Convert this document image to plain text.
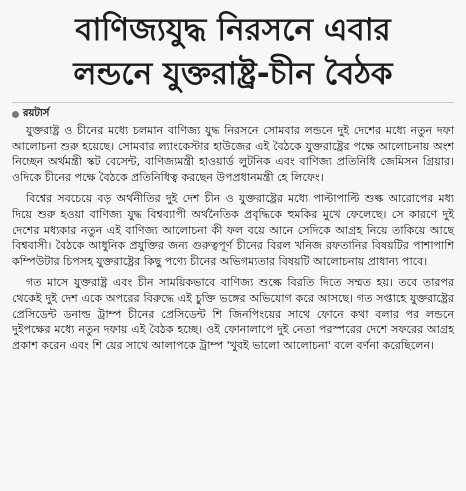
বাণিজ্যযুদ্ধ নিরসনে এবার
লন্ডনে যুক্তরাষ্ট্র-চীন বৈঠক
রয়টার্স

যুক্তরাষ্ট্র ও চীনের মধ্যে চলমান বাণিজ্য যুদ্ধ নিরসনে সোমবার লন্ডনে দুই দেশের মধ্যে নতুন দফা আলোচনা শুরু হয়েছে। সোমবার ল্যাংকেস্টার হাউজের এই বৈঠকে যুক্তরাষ্ট্রের পক্ষে আলোচনায় অংশ নিচ্ছেন অর্থমন্ত্রী স্কট বেসেন্ট, বাণিজ্যমন্ত্রী হাওয়ার্ড লুটনিক এবং বাণিজ্য প্রতিনিধি জেমিসন গ্রিয়ার। ওদিকে চীনের পক্ষে বৈঠকে প্রতিনিধিত্ব করছেন উপপ্রধানমন্ত্রী হে লিফেং।

বিশ্বের সবচেয়ে বড় অর্থনীতির দুই দেশ চীন ও যুক্তরাষ্ট্রের মধ্যে পাল্টাপাল্টি শুল্ক আরোপের মধ্য দিয়ে শুরু হওয়া বাণিজ্য যুদ্ধ বিশ্বব্যাপী অর্থনৈতিক প্রবৃদ্ধিকে হুমকির মুখে ফেলেছে। সে কারণে দুই দেশের মধ্যকার নতুন এই বাণিজ্য আলোচনা কী ফল বয়ে আনে সেদিকে আগ্রহ নিয়ে তাকিয়ে আছে বিশ্ববাসী। বৈঠকে আধুনিক প্রযুক্তির জন্য গুরুত্বপূর্ণ চীনের বিরল খনিজ রফতানির বিষয়টির পাশাপাশি কম্পিউটার চিপসহ যুক্তরাষ্ট্রের কিছু পণ্যে চীনের অভিগম্যতার বিষয়টি আলোচনায় প্রাধান্য পাবে।

গত মাসে যুক্তরাষ্ট্র এবং চীন সাময়িকভাবে বাণিজ্য শুল্কে বিরতি দিতে সম্মত হয়। তবে তারপর থেকেই দুই দেশ একে অপরের বিরুদ্ধে এই চুক্তি ভঙ্গের অভিযোগ করে আসছে। গত সপ্তাহে যুক্তরাষ্ট্রের প্রেসিডেন্ট ডনাল্ড ট্রাম্প চীনের প্রেসিডেন্ট শি জিনপিংয়ের সাথে ফোনে কথা বলার পর লন্ডনে দুইপক্ষের মধ্যে নতুন দফায় এই বৈঠক হচ্ছে। ওই ফোনালাপে দুই নেতা পরস্পরের দেশে সফরের আগ্রহ প্রকাশ করেন এবং শি য়ের সাথে আলাপকে ট্রাম্প 'খুবই ভালো আলোচনা' বলে বর্ণনা করেছিলেন।
